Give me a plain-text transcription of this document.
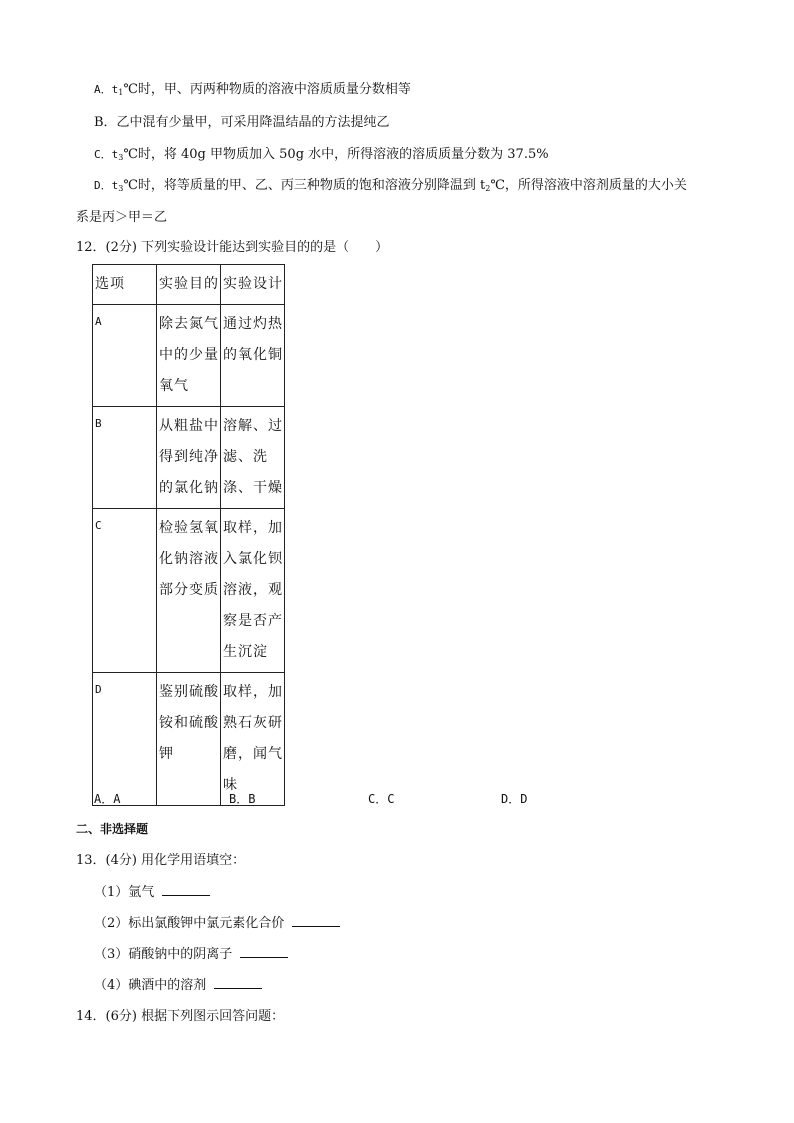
A．$t_1℃$时，甲、丙两种物质的溶液中溶质质量分数相等
B．乙中混有少量甲，可采用降温结晶的方法提纯乙
C．$t_3℃$时，将 40g 甲物质加入 50g 水中，所得溶液的溶质质量分数为 37.5%
D．$t_3℃$时，将等质量的甲、乙、丙三种物质的饱和溶液分别降温到 $t_2℃$，所得溶液中溶剂质量的大小关
系是丙＞甲＝乙
12．(2分) 下列实验设计能达到实验目的的是（　　）
选项	实验目的	实验设计
A	除去氮气中的少量氧气	通过灼热的氧化铜
B	从粗盐中得到纯净的氯化钠	溶解、过滤、洗涤、干燥
C	检验氢氧化钠溶液部分变质	取样，加入氯化钡溶液，观察是否产生沉淀
D	鉴别硫酸铵和硫酸钾	取样，加熟石灰研磨，闻气味
A．A	B．B	C．C	D．D
二、非选择题
13．(4分) 用化学用语填空：
（1）氩气
（2）标出氯酸钾中氯元素化合价
（3）硝酸钠中的阴离子
（4）碘酒中的溶剂
14．(6分) 根据下列图示回答问题：
